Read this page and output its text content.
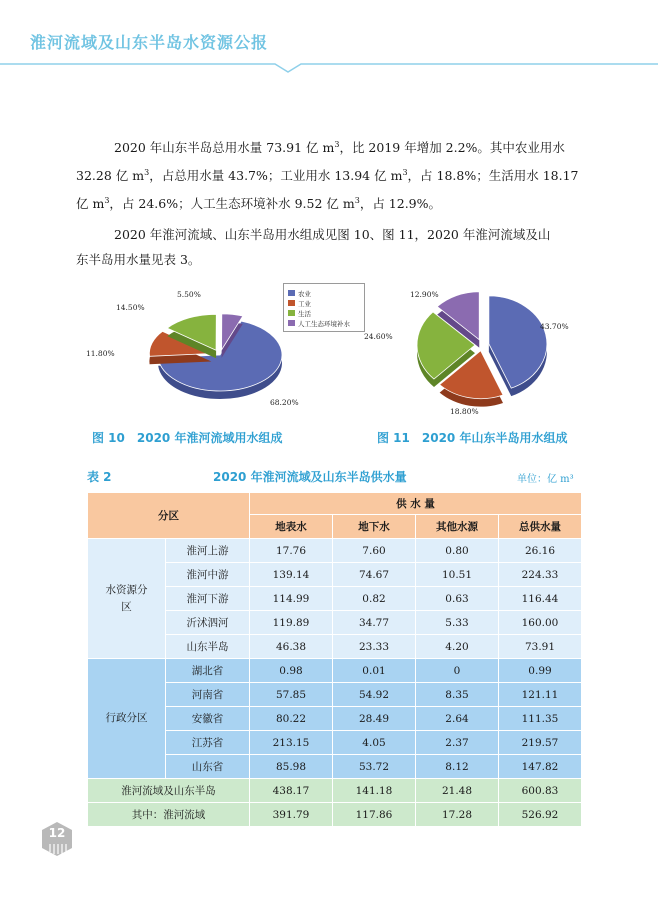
淮河流域及山东半岛水资源公报

2020 年山东半岛总用水量 73.91 亿 $m^3$，比 2019 年增加 2.2%。其中农业用水
32.28 亿 $m^3$，占总用水量 43.7%；工业用水 13.94 亿 $m^3$，占 18.8%；生活用水 18.17
亿 $m^3$，占 24.6%；人工生态环境补水 9.52 亿 $m^3$，占 12.9%。

2020 年淮河流域、山东半岛用水组成见图 10、图 11，2020 年淮河流域及山
东半岛用水量见表 3。

68.20%
11.80%
14.50%
5.50%	农业
工业
生活
人工生态环境补水	43.70%
18.80%
24.60%
12.90%
图 10　2020 年淮河流域用水组成	图 11　2020 年山东半岛用水组成
表 2	2020 年淮河流域及山东半岛供水量	单位：亿 m³
分区		供 水 量			
		地表水	地下水	其他水源	总供水量
水资源分区	淮河上游	17.76	7.60	0.80	26.16
	淮河中游	139.14	74.67	10.51	224.33
	淮河下游	114.99	0.82	0.63	116.44
	沂沭泗河	119.89	34.77	5.33	160.00
	山东半岛	46.38	23.33	4.20	73.91
行政分区	湖北省	0.98	0.01	0	0.99
	河南省	57.85	54.92	8.35	121.11
	安徽省	80.22	28.49	2.64	111.35
	江苏省	213.15	4.05	2.37	219.57
	山东省	85.98	53.72	8.12	147.82
淮河流域及山东半岛		438.17	141.18	21.48	600.83
其中：淮河流域		391.79	117.86	17.28	526.92
12
